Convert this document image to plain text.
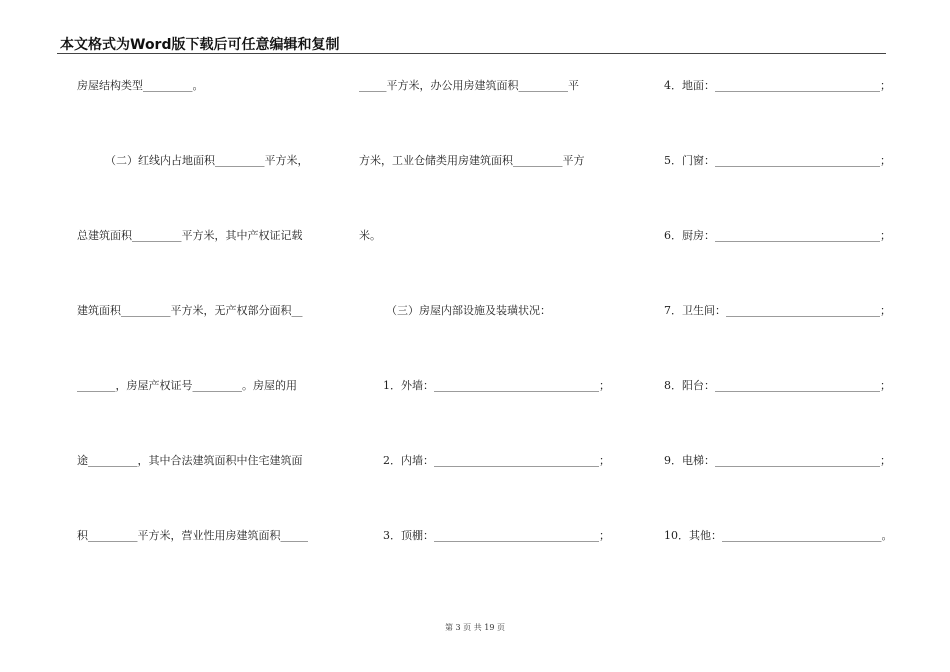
本文格式为Word版下载后可任意编辑和复制
房屋结构类型_________。
（二）红线内占地面积_________平方米，
总建筑面积_________平方米，其中产权证记载
建筑面积_________平方米，无产权部分面积__
_______，房屋产权证号_________。房屋的用
途_________，其中合法建筑面积中住宅建筑面
积_________平方米，营业性用房建筑面积_____
_____平方米，办公用房建筑面积_________平
方米，工业仓储类用房建筑面积_________平方
米。
（三）房屋内部设施及装璜状况：
1．外墙：______________________________；
2．内墙：______________________________；
3．顶棚：______________________________；
4．地面：______________________________；
5．门窗：______________________________；
6．厨房：______________________________；
7．卫生间：____________________________；
8．阳台：______________________________；
9．电梯：______________________________；
10．其他：_____________________________。
第 3 页 共 19 页
